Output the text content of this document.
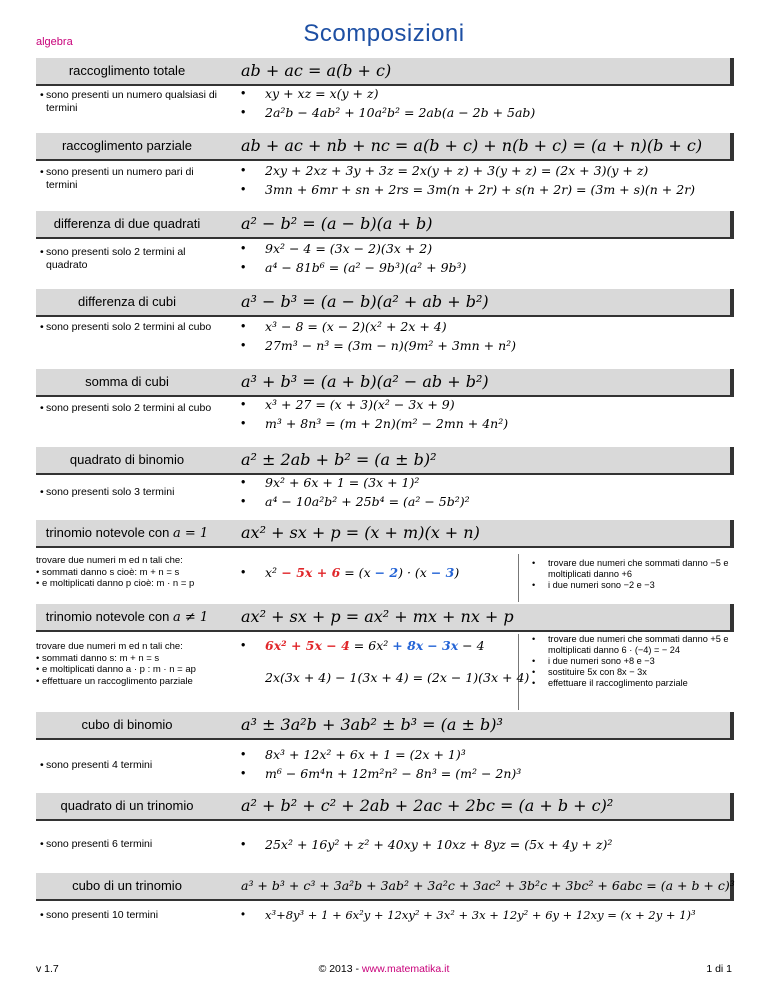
algebra	Scomposizioni
raccoglimento totale	ab + ac = a(b + c)
• sono presenti un numero qualsiasi di termini
• xy + xz = x(y + z)
• 2a²b − 4ab² + 10a²b² = 2ab(a − 2b + 5ab)
raccoglimento parziale	ab + ac + nb + nc = a(b + c) + n(b + c) = (a + n)(b + c)
• sono presenti un numero pari di termini
• 2xy + 2xz + 3y + 3z = 2x(y + z) + 3(y + z) = (2x + 3)(y + z)
• 3mn + 6mr + sn + 2rs = 3m(n + 2r) + s(n + 2r) = (3m + s)(n + 2r)
differenza di due quadrati	a² − b² = (a − b)(a + b)
• sono presenti solo 2 termini al quadrato
• 9x² − 4 = (3x − 2)(3x + 2)
• a⁴ − 81b⁶ = (a² − 9b³)(a² + 9b³)
differenza di cubi	a³ − b³ = (a − b)(a² + ab + b²)
• sono presenti solo 2 termini al cubo	• x³ − 8 = (x − 2)(x² + 2x + 4)
• 27m³ − n³ = (3m − n)(9m² + 3mn + n²)
somma di cubi	a³ + b³ = (a + b)(a² − ab + b²)
• sono presenti solo 2 termini al cubo	• x³ + 27 = (x + 3)(x² − 3x + 9)
• m³ + 8n³ = (m + 2n)(m² − 2mn + 4n²)
quadrato di binomio	a² ± 2ab + b² = (a ± b)²
• sono presenti solo 3 termini
• 9x² + 6x + 1 = (3x + 1)²
• a⁴ − 10a²b² + 25b⁴ = (a² − 5b²)²
trinomio notevole con a = 1	ax² + sx + p = (x + m)(x + n)
trovare due numeri m ed n tali che:
• sommati danno s cioè: m + n = s
• e moltiplicati danno p cioè: m · n = p
• x² − 5x + 6 = (x − 2) · (x − 3)
• trovare due numeri che sommati danno −5 e moltiplicati danno +6
• i due numeri sono −2 e −3
trinomio notevole con a ≠ 1	ax² + sx + p = ax² + mx + nx + p
trovare due numeri m ed n tali che:
• sommati danno s: m + n = s
• e moltiplicati danno a · p : m · n = ap
• effettuare un raccoglimento parziale
• 6x² + 5x − 4 = 6x² + 8x − 3x − 4
2x(3x + 4) − 1(3x + 4) = (2x − 1)(3x + 4)
• trovare due numeri che sommati danno +5 e moltiplicati danno 6 · (−4) = − 24
• i due numeri sono +8 e −3
• sostituire 5x con 8x − 3x
• effettuare il raccoglimento parziale
cubo di binomio	a³ ± 3a²b + 3ab² ± b³ = (a ± b)³
• sono presenti 4 termini
• 8x³ + 12x² + 6x + 1 = (2x + 1)³
• m⁶ − 6m⁴n + 12m²n² − 8n³ = (m² − 2n)³
quadrato di un trinomio	a² + b² + c² + 2ab + 2ac + 2bc = (a + b + c)²
• sono presenti 6 termini	• 25x² + 16y² + z² + 40xy + 10xz + 8yz = (5x + 4y + z)²
cubo di un trinomio	a³ + b³ + c³ + 3a²b + 3ab² + 3a²c + 3ac² + 3b²c + 3bc² + 6abc = (a + b + c)³
• sono presenti 10 termini	• x³+8y³ + 1 + 6x²y + 12xy² + 3x² + 3x + 12y² + 6y + 12xy = (x + 2y + 1)³
v 1.7	© 2013 - www.matematika.it	1 di 1
